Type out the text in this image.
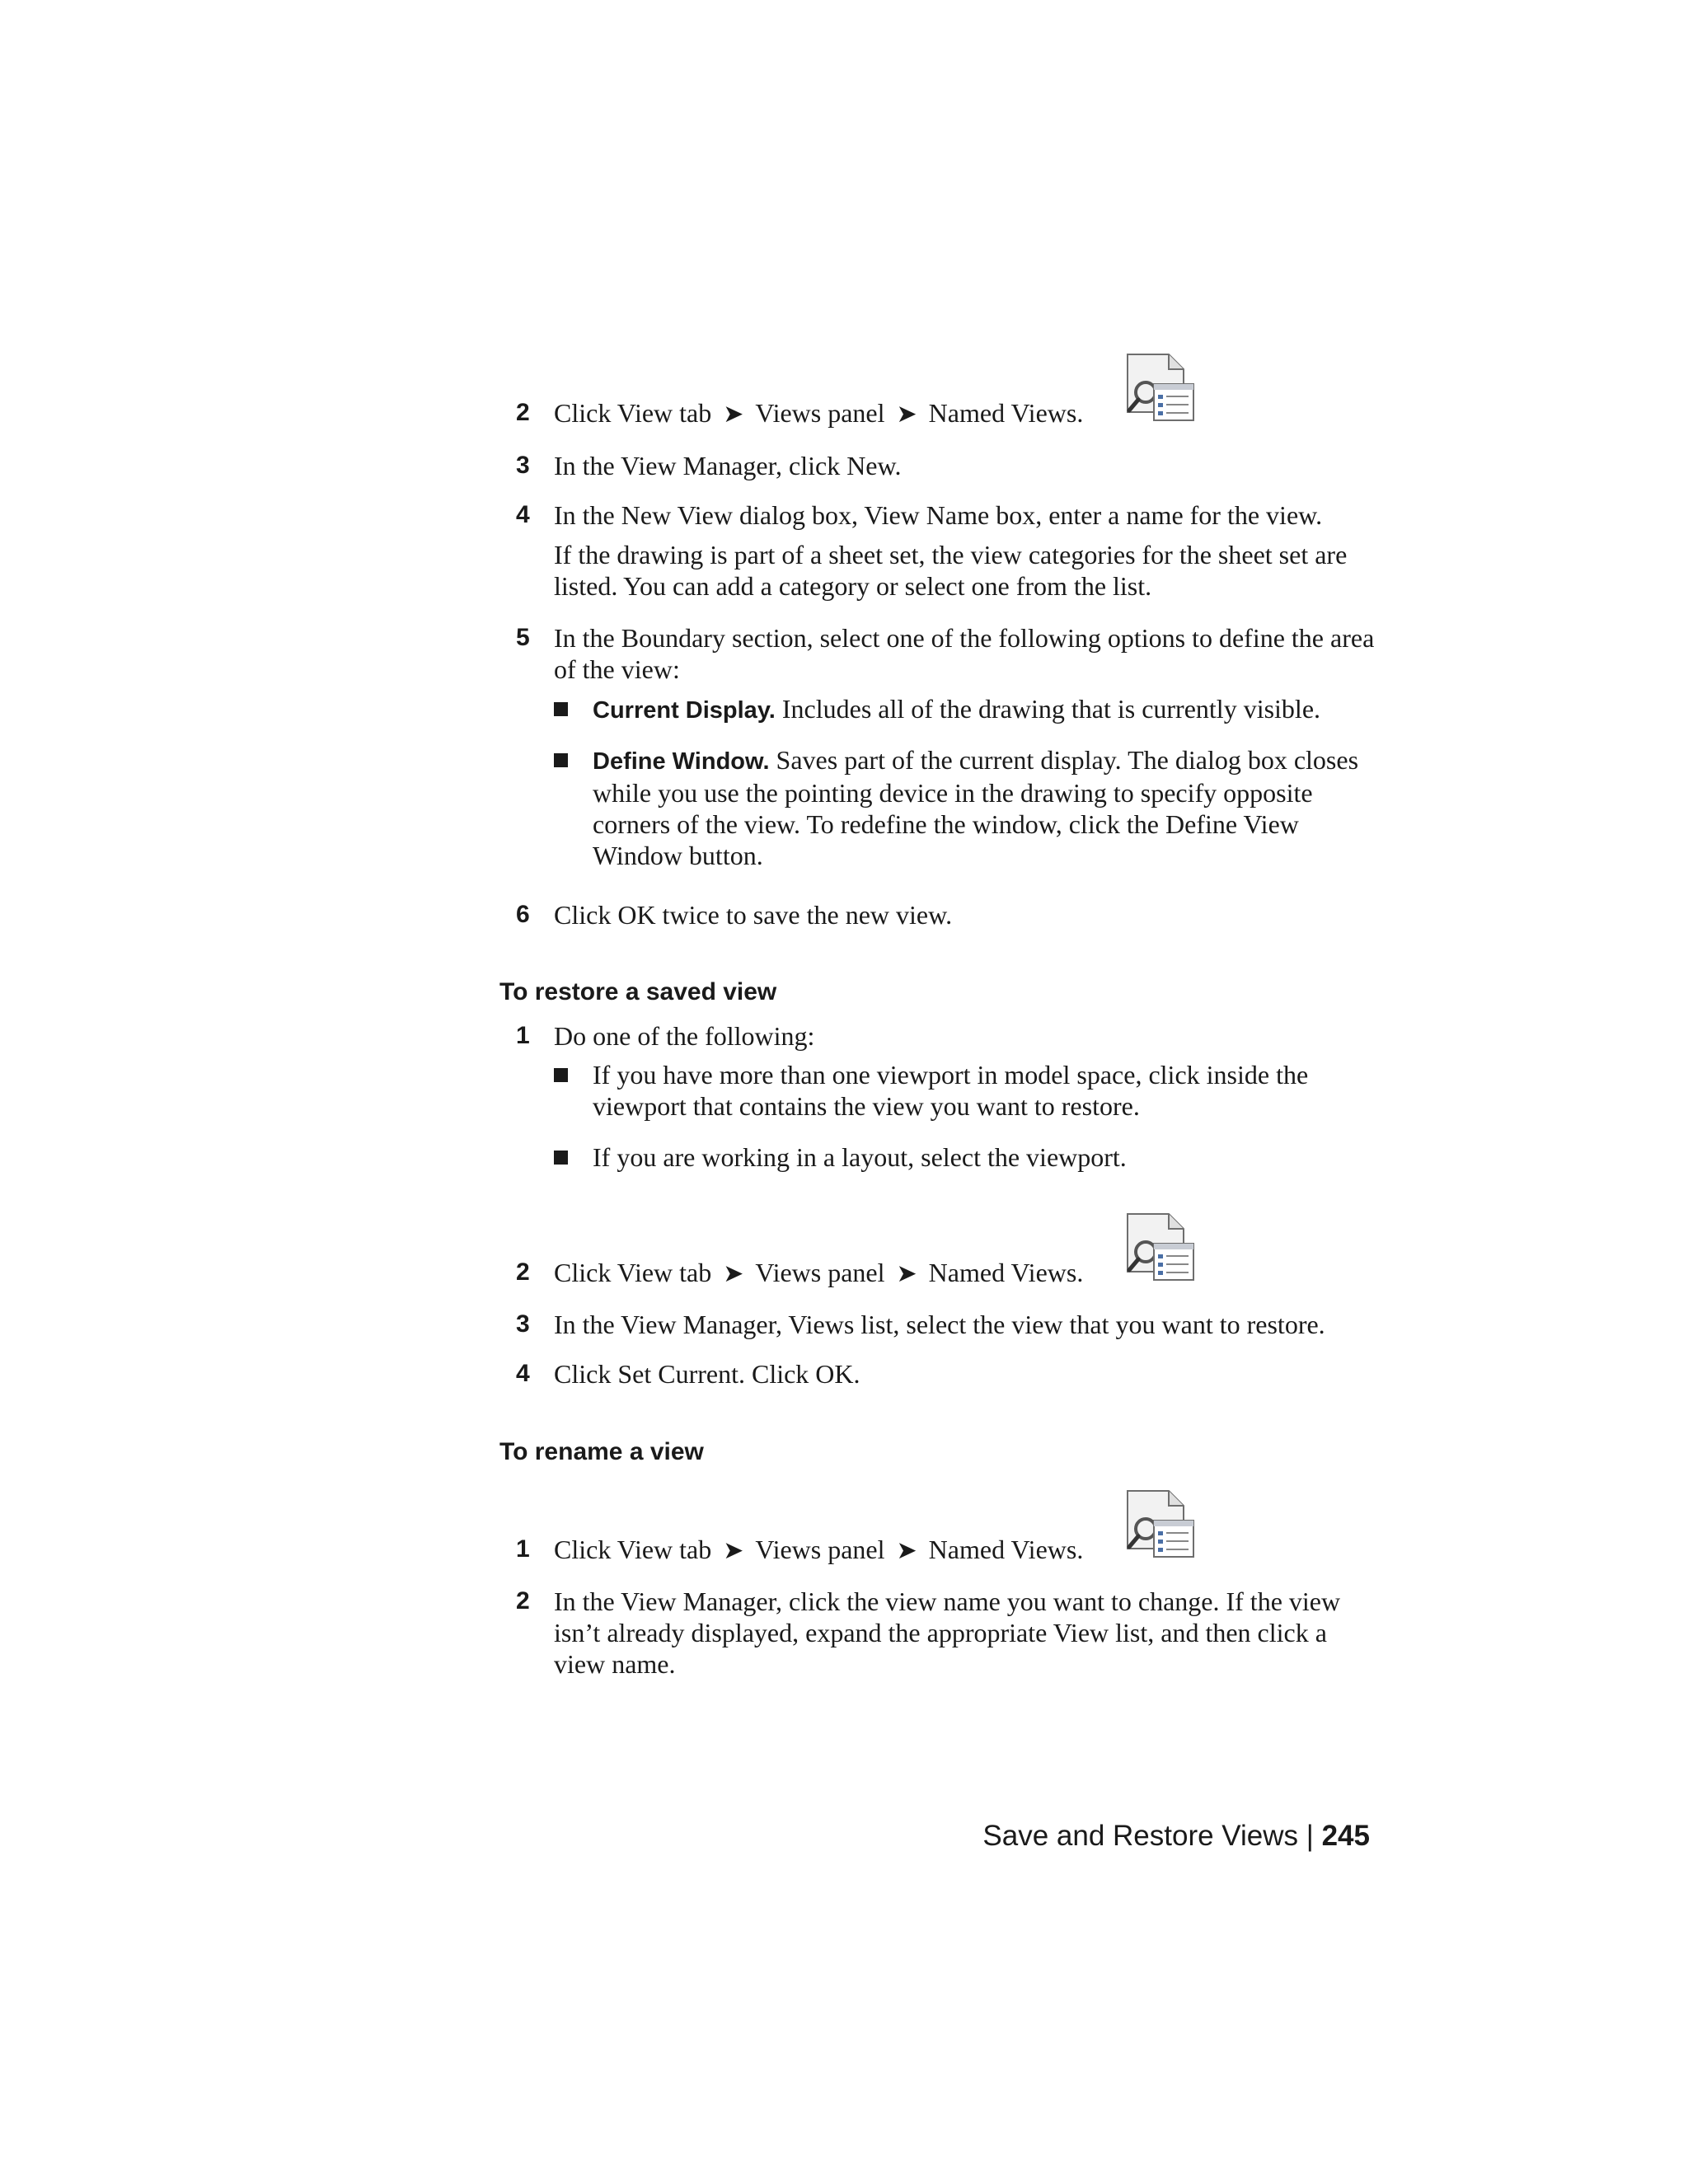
2 Click View tab ➤ Views panel ➤ Named Views.
3 In the View Manager, click New.
4 In the New View dialog box, View Name box, enter a name for the view.
If the drawing is part of a sheet set, the view categories for the sheet set are listed. You can add a category or select one from the list.
5 In the Boundary section, select one of the following options to define the area of the view:
Current Display. Includes all of the drawing that is currently visible.
Define Window. Saves part of the current display. The dialog box closes while you use the pointing device in the drawing to specify opposite corners of the view. To redefine the window, click the Define View Window button.
6 Click OK twice to save the new view.
To restore a saved view
1 Do one of the following:
If you have more than one viewport in model space, click inside the viewport that contains the view you want to restore.
If you are working in a layout, select the viewport.
2 Click View tab ➤ Views panel ➤ Named Views.
3 In the View Manager, Views list, select the view that you want to restore.
4 Click Set Current. Click OK.
To rename a view
1 Click View tab ➤ Views panel ➤ Named Views.
2 In the View Manager, click the view name you want to change. If the view isn’t already displayed, expand the appropriate View list, and then click a view name.
Save and Restore Views | 245
